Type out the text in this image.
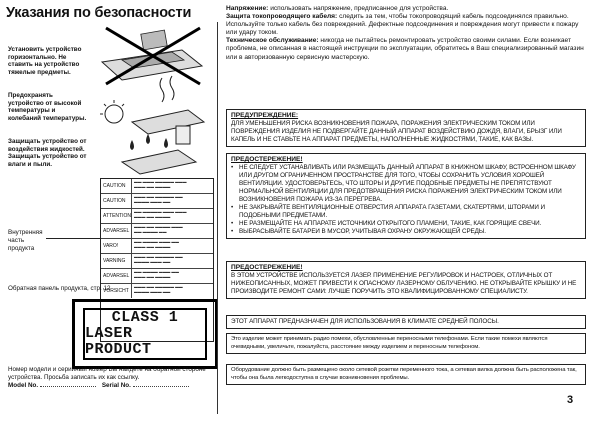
Указания по безопасности
Установить устройство горизонтально. Не ставить на устройство тяжелые предметы.
Предохранять устройство от высокой температуры и колебаний температуры.
Защищать устройство от воздействия жидкостей. Защищать устройство от влаги и пыли.
Внутренняя часть продукта
CAUTION
▬▬ ▬▬▬ ▬▬▬▬▬ ▬▬▬
▬▬▬ ▬▬ ▬▬▬▬
CAUTION
▬▬▬ ▬▬ ▬▬▬▬▬ ▬▬
▬▬▬▬ ▬▬▬ ▬▬
ATTENTION
▬▬ ▬▬▬▬▬ ▬▬▬ ▬▬▬
▬▬▬ ▬▬ ▬▬▬▬
ADVARSEL
▬▬▬ ▬▬ ▬▬▬▬ ▬▬▬
▬▬ ▬▬▬▬ ▬▬
VARO!
▬▬ ▬▬▬▬ ▬▬▬ ▬▬
▬▬▬ ▬▬ ▬▬▬▬
VARNING
▬▬▬ ▬▬ ▬▬▬▬▬ ▬▬
▬▬▬▬ ▬▬▬ ▬▬
ADVARSEL
▬▬ ▬▬▬▬ ▬▬▬ ▬▬
▬▬▬ ▬▬ ▬▬▬▬
VORSICHT
▬▬▬ ▬▬ ▬▬▬▬▬ ▬▬
▬▬▬▬ ▬▬▬ ▬▬
Обратная панель продукта, стр. 12
CLASS 1
LASER PRODUCT
Номер модели и серийный номер Вы найдете на обратной стороне устройства. Просьба записать их как ссылку.
Model No.	Serial No.
Напряжение: использовать напряжение, предписанное для устройства.
Защита токопроводящего кабеля: следить за тем, чтобы токопроводящий кабель подсоединялся правильно. Используйте только кабель без повреждений. Дефектные подсоединения и повреждения могут привести к пожару или удару током.
Техническое обслуживание: никогда не пытайтесь ремонтировать устройство своими силами. Если возникает проблема, не описанная в настоящей инструкции по эксплуатации, обратитесь в Ваш специализированный магазин или в авторизованную сервисную мастерскую.
ПРЕДУПРЕЖДЕНИЕ:
ДЛЯ УМЕНЬШЕНИЯ РИСКА ВОЗНИКНОВЕНИЯ ПОЖАРА, ПОРАЖЕНИЯ ЭЛЕКТРИЧЕСКИМ ТОКОМ ИЛИ ПОВРЕЖДЕНИЯ ИЗДЕЛИЯ НЕ ПОДВЕРГАЙТЕ ДАННЫЙ АППАРАТ ВОЗДЕЙСТВИЮ ДОЖДЯ, ВЛАГИ, БРЫЗГ ИЛИ КАПЕЛЬ И НЕ СТАВЬТЕ НА АППАРАТ ПРЕДМЕТЫ, НАПОЛНЕННЫЕ ЖИДКОСТЯМИ, ТАКИЕ, КАК ВАЗЫ.
ПРЕДОСТЕРЕЖЕНИЕ!
• НЕ СЛЕДУЕТ УСТАНАВЛИВАТЬ ИЛИ РАЗМЕЩАТЬ ДАННЫЙ АППАРАТ В КНИЖНОМ ШКАФУ, ВСТРОЕННОМ ШКАФУ ИЛИ ДРУГОМ ОГРАНИЧЕННОМ ПРОСТРАНСТВЕ ДЛЯ ТОГО, ЧТОБЫ СОХРАНИТЬ УСЛОВИЯ ХОРОШЕЙ ВЕНТИЛЯЦИИ. УДОСТОВЕРЬТЕСЬ, ЧТО ШТОРЫ И ДРУГИЕ ПОДОБНЫЕ ПРЕДМЕТЫ НЕ ПРЕПЯТСТВУЮТ НОРМАЛЬНОЙ ВЕНТИЛЯЦИИ ДЛЯ ПРЕДОТВРАЩЕНИЯ РИСКА ПОРАЖЕНИЯ ЭЛЕКТРИЧЕСКИМ ТОКОМ ИЛИ ВОЗНИКНОВЕНИЯ ПОЖАРА ИЗ-ЗА ПЕРЕГРЕВА.
• НЕ ЗАКРЫВАЙТЕ ВЕНТИЛЯЦИОННЫЕ ОТВЕРСТИЯ АППАРАТА ГАЗЕТАМИ, СКАТЕРТЯМИ, ШТОРАМИ И ПОДОБНЫМИ ПРЕДМЕТАМИ.
• НЕ РАЗМЕЩАЙТЕ НА АППАРАТЕ ИСТОЧНИКИ ОТКРЫТОГО ПЛАМЕНИ, ТАКИЕ, КАК ГОРЯЩИЕ СВЕЧИ.
• ВЫБРАСЫВАЙТЕ БАТАРЕИ В МУСОР, УЧИТЫВАЯ ОХРАНУ ОКРУЖАЮЩЕЙ СРЕДЫ.
ПРЕДОСТЕРЕЖЕНИЕ!
В ЭТОМ УСТРОЙСТВЕ ИСПОЛЬЗУЕТСЯ ЛАЗЕР. ПРИМЕНЕНИЕ РЕГУЛИРОВОК И НАСТРОЕК, ОТЛИЧНЫХ ОТ НИЖЕОПИСАННЫХ, МОЖЕТ ПРИВЕСТИ К ОПАСНОМУ ЛАЗЕРНОМУ ОБЛУЧЕНИЮ. НЕ ОТКРЫВАЙТЕ КРЫШКУ И НЕ ПРОИЗВОДИТЕ РЕМОНТ САМИ: ЛУЧШЕ ПОРУЧИТЬ ЭТО КВАЛИФИЦИРОВАННОМУ СПЕЦИАЛИСТУ.
ЭТОТ АППАРАТ ПРЕДНАЗНАЧЕН ДЛЯ ИСПОЛЬЗОВАНИЯ В КЛИМАТЕ СРЕДНЕЙ ПОЛОСЫ.
Это изделие может принимать радио помехи, обусловленные переносными телефонами. Если такие помехи являются очевидными, увеличьте, пожалуйста, расстояние между изделием и переносным телефоном.
Оборудование должно быть размещено около сетевой розетки переменного тока, а сетевая вилка должна быть расположена так, чтобы она была легкодоступна в случае возникновения проблемы.
3
